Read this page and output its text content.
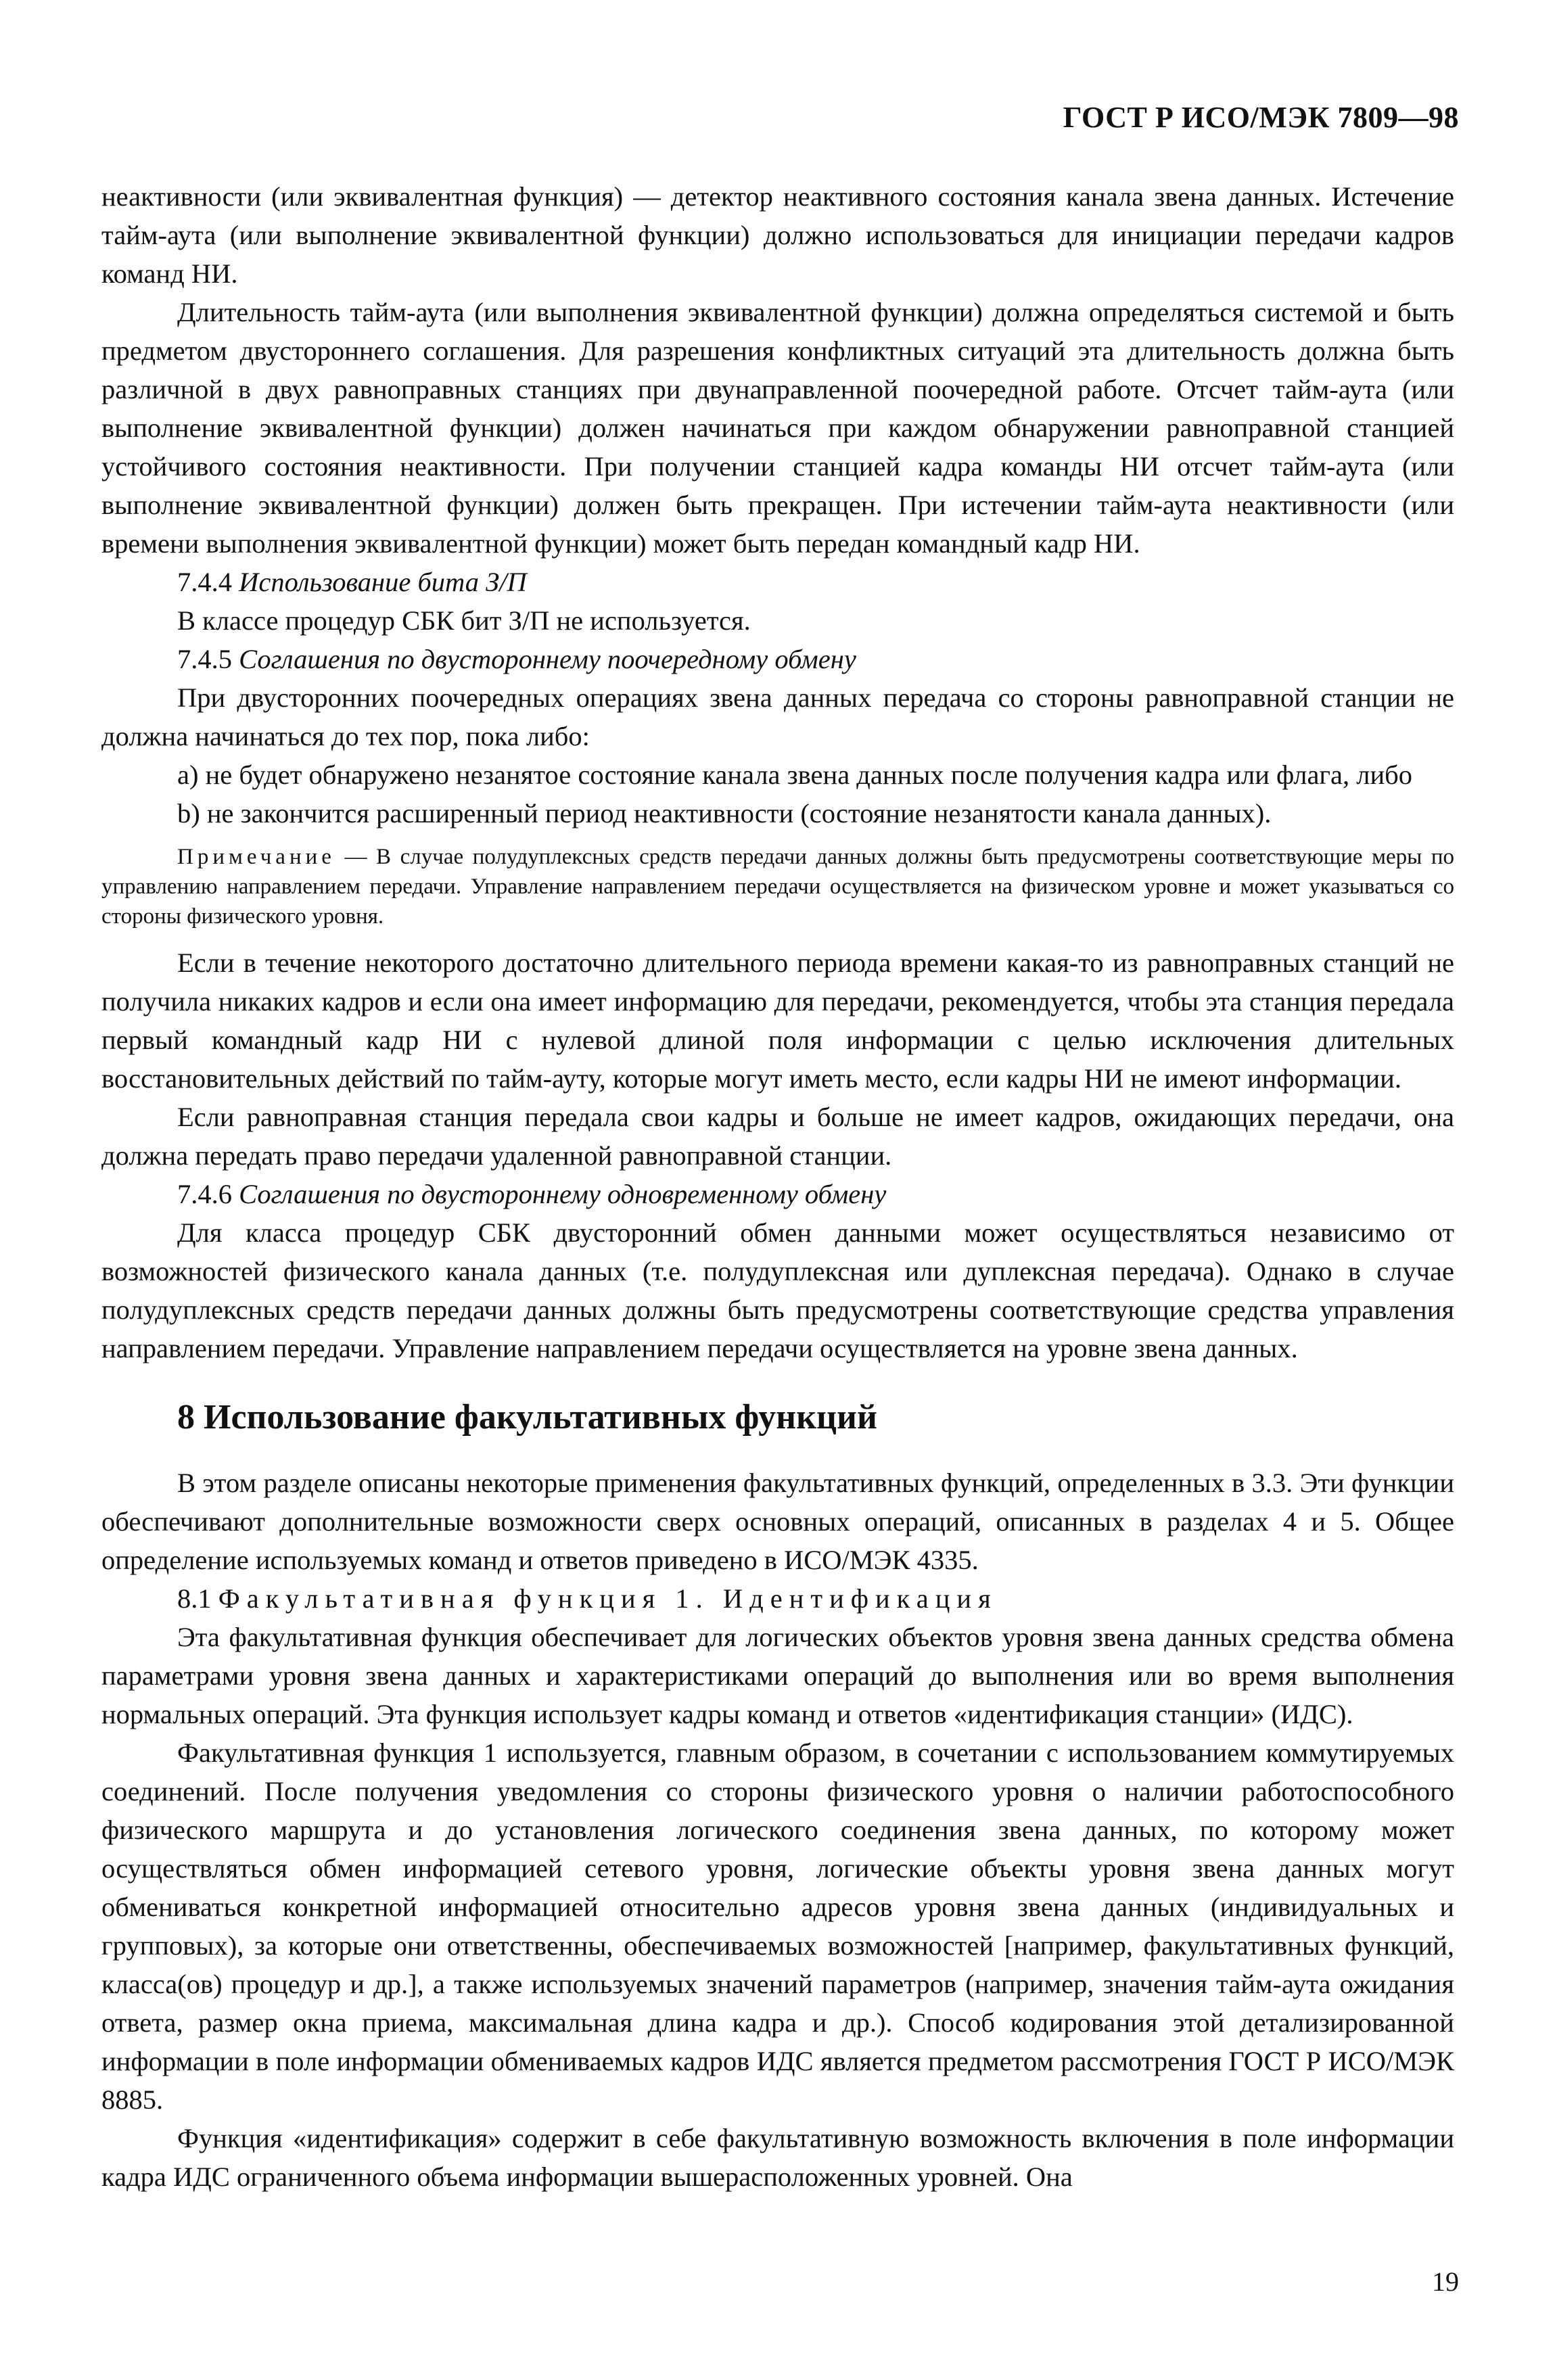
ГОСТ Р ИСО/МЭК 7809—98

неактивности (или эквивалентная функция) — детектор неактивного состояния канала звена данных. Истечение тайм-аута (или выполнение эквивалентной функции) должно использоваться для инициации передачи кадров команд НИ.

Длительность тайм-аута (или выполнения эквивалентной функции) должна определяться системой и быть предметом двустороннего соглашения. Для разрешения конфликтных ситуаций эта длительность должна быть различной в двух равноправных станциях при двунаправленной поочередной работе. Отсчет тайм-аута (или выполнение эквивалентной функции) должен начинаться при каждом обнаружении равноправной станцией устойчивого состояния неактивности. При получении станцией кадра команды НИ отсчет тайм-аута (или выполнение эквивалентной функции) должен быть прекращен. При истечении тайм-аута неактивности (или времени выполнения эквивалентной функции) может быть передан командный кадр НИ.

7.4.4 Использование бита З/П

В классе процедур СБК бит З/П не используется.

7.4.5 Соглашения по двустороннему поочередному обмену

При двусторонних поочередных операциях звена данных передача со стороны равноправной станции не должна начинаться до тех пор, пока либо:

а) не будет обнаружено незанятое состояние канала звена данных после получения кадра или флага, либо

b) не закончится расширенный период неактивности (состояние незанятости канала данных).

Примечание — В случае полудуплексных средств передачи данных должны быть предусмотрены соответствующие меры по управлению направлением передачи. Управление направлением передачи осуществляется на физическом уровне и может указываться со стороны физического уровня.

Если в течение некоторого достаточно длительного периода времени какая-то из равноправных станций не получила никаких кадров и если она имеет информацию для передачи, рекомендуется, чтобы эта станция передала первый командный кадр НИ с нулевой длиной поля информации с целью исключения длительных восстановительных действий по тайм-ауту, которые могут иметь место, если кадры НИ не имеют информации.

Если равноправная станция передала свои кадры и больше не имеет кадров, ожидающих передачи, она должна передать право передачи удаленной равноправной станции.

7.4.6 Соглашения по двустороннему одновременному обмену

Для класса процедур СБК двусторонний обмен данными может осуществляться независимо от возможностей физического канала данных (т.е. полудуплексная или дуплексная передача). Однако в случае полудуплексных средств передачи данных должны быть предусмотрены соответствующие средства управления направлением передачи. Управление направлением передачи осуществляется на уровне звена данных.

8 Использование факультативных функций

В этом разделе описаны некоторые применения факультативных функций, определенных в 3.3. Эти функции обеспечивают дополнительные возможности сверх основных операций, описанных в разделах 4 и 5. Общее определение используемых команд и ответов приведено в ИСО/МЭК 4335.

8.1 Факультативная функция 1. Идентификация

Эта факультативная функция обеспечивает для логических объектов уровня звена данных средства обмена параметрами уровня звена данных и характеристиками операций до выполнения или во время выполнения нормальных операций. Эта функция использует кадры команд и ответов «идентификация станции» (ИДС).

Факультативная функция 1 используется, главным образом, в сочетании с использованием коммутируемых соединений. После получения уведомления со стороны физического уровня о наличии работоспособного физического маршрута и до установления логического соединения звена данных, по которому может осуществляться обмен информацией сетевого уровня, логические объекты уровня звена данных могут обмениваться конкретной информацией относительно адресов уровня звена данных (индивидуальных и групповых), за которые они ответственны, обеспечиваемых возможностей [например, факультативных функций, класса(ов) процедур и др.], а также используемых значений параметров (например, значения тайм-аута ожидания ответа, размер окна приема, максимальная длина кадра и др.). Способ кодирования этой детализированной информации в поле информации обмениваемых кадров ИДС является предметом рассмотрения ГОСТ Р ИСО/МЭК 8885.

Функция «идентификация» содержит в себе факультативную возможность включения в поле информации кадра ИДС ограниченного объема информации вышерасположенных уровней. Она

19
